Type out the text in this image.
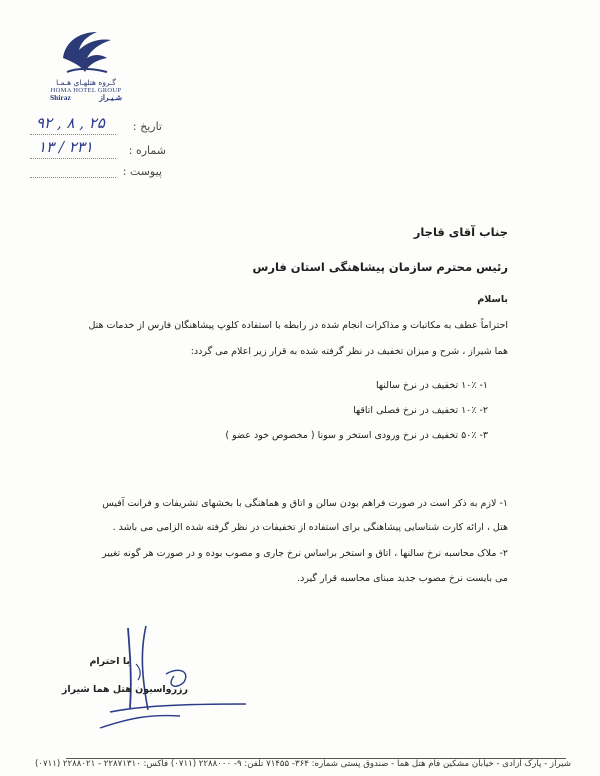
گـروه هتلهـای هـمـا
HOMA HOTEL GROUP
Shiraz	شـیـراز
تاریخ :
۹۲ , ۸ , ۲۵
شماره :
۱۳ / ۲۳۱
پیوست :
جناب آقای قاجار
رئیس محترم سازمان پیشاهنگی استان فارس
باسلام
احتراماً عطف به مکاتبات و مذاکرات انجام شده در رابطه با استفاده کلوپ پیشاهنگان فارس از خدمات هتل
هما شیراز ، شرح و میزان تخفیف در نظر گرفته شده به قرار زیر اعلام می گردد:
۱- ۱۰٪ تخفیف در نرخ سالنها
۲- ۱۰٪ تخفیف در نرخ فصلی اتاقها
۳- ۵۰٪ تخفیف در نرخ ورودی استخر و سونا ( مخصوص خود عضو )
۱- لازم به ذکر است در صورت فراهم بودن سالن و اتاق و هماهنگی با بخشهای تشریفات و فرانت آفیس
هتل ، ارائه کارت شناسایی پیشاهنگی برای استفاده از تخفیفات در نظر گرفته شده الزامی می باشد .
۲- ملاک محاسبه نرخ سالنها ، اتاق و استخر براساس نرخ جاری و مصوب بوده و در صورت هر گونه تغییر
می بایست نرخ مصوب جدید مبنای محاسبه قرار گیرد.
با احترام
رزرواسیون هتل هما شیراز
شیراز - پارک آزادی - خیابان مشکین فام هتل هما - صندوق پستی شماره: ۳۶۴- ۷۱۴۵۵ تلفن: ۹- ۲۲۸۸۰۰۰ (۰۷۱۱) فاکس: ۲۲۸۷۱۳۱۰ - ۲۲۸۸۰۲۱ (۰۷۱۱)
